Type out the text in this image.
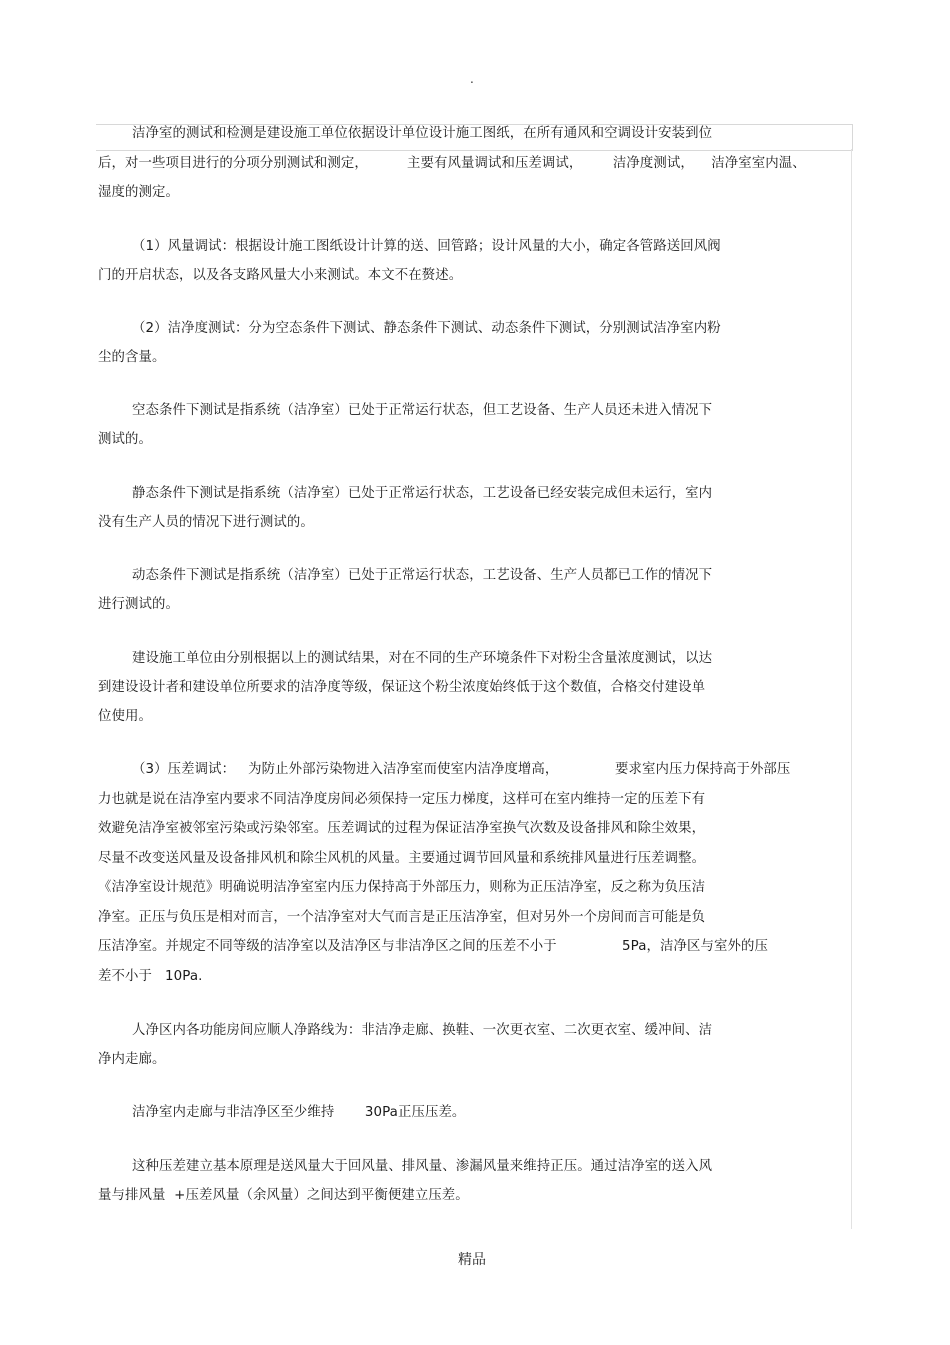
.
洁净室的测试和检测是建设施工单位依据设计单位设计施工图纸，在所有通风和空调设计安装到位
后，对一些项目进行的分项分别测试和测定，         主要有风量调试和压差调试，       洁净度测试，    洁净室室内温、
湿度的测定。
（1）风量调试：根据设计施工图纸设计计算的送、回管路；设计风量的大小，确定各管路送回风阀
门的开启状态，以及各支路风量大小来测试。本文不在赘述。
（2）洁净度测试：分为空态条件下测试、静态条件下测试、动态条件下测试，分别测试洁净室内粉
尘的含量。
空态条件下测试是指系统（洁净室）已处于正常运行状态，但工艺设备、生产人员还未进入情况下
测试的。
静态条件下测试是指系统（洁净室）已处于正常运行状态，工艺设备已经安装完成但未运行，室内
没有生产人员的情况下进行测试的。
动态条件下测试是指系统（洁净室）已处于正常运行状态，工艺设备、生产人员都已工作的情况下
进行测试的。
建设施工单位由分别根据以上的测试结果，对在不同的生产环境条件下对粉尘含量浓度测试，以达
到建设设计者和建设单位所要求的洁净度等级，保证这个粉尘浓度始终低于这个数值，合格交付建设单
位使用。
（3）压差调试：   为防止外部污染物进入洁净室而使室内洁净度增高，             要求室内压力保持高于外部压
力也就是说在洁净室内要求不同洁净度房间必须保持一定压力梯度，这样可在室内维持一定的压差下有
效避免洁净室被邻室污染或污染邻室。压差调试的过程为保证洁净室换气次数及设备排风和除尘效果，
尽量不改变送风量及设备排风机和除尘风机的风量。主要通过调节回风量和系统排风量进行压差调整。
《洁净室设计规范》明确说明洁净室室内压力保持高于外部压力，则称为正压洁净室，反之称为负压洁
净室。正压与负压是相对而言，一个洁净室对大气而言是正压洁净室，但对另外一个房间而言可能是负
压洁净室。并规定不同等级的洁净室以及洁净区与非洁净区之间的压差不小于               5Pa，洁净区与室外的压
差不小于   10Pa.
人净区内各功能房间应顺人净路线为：非洁净走廊、换鞋、一次更衣室、二次更衣室、缓冲间、洁
净内走廊。
洁净室内走廊与非洁净区至少维持       30Pa正压压差。
这种压差建立基本原理是送风量大于回风量、排风量、渗漏风量来维持正压。通过洁净室的送入风
量与排风量  +压差风量（余风量）之间达到平衡便建立压差。
精品
